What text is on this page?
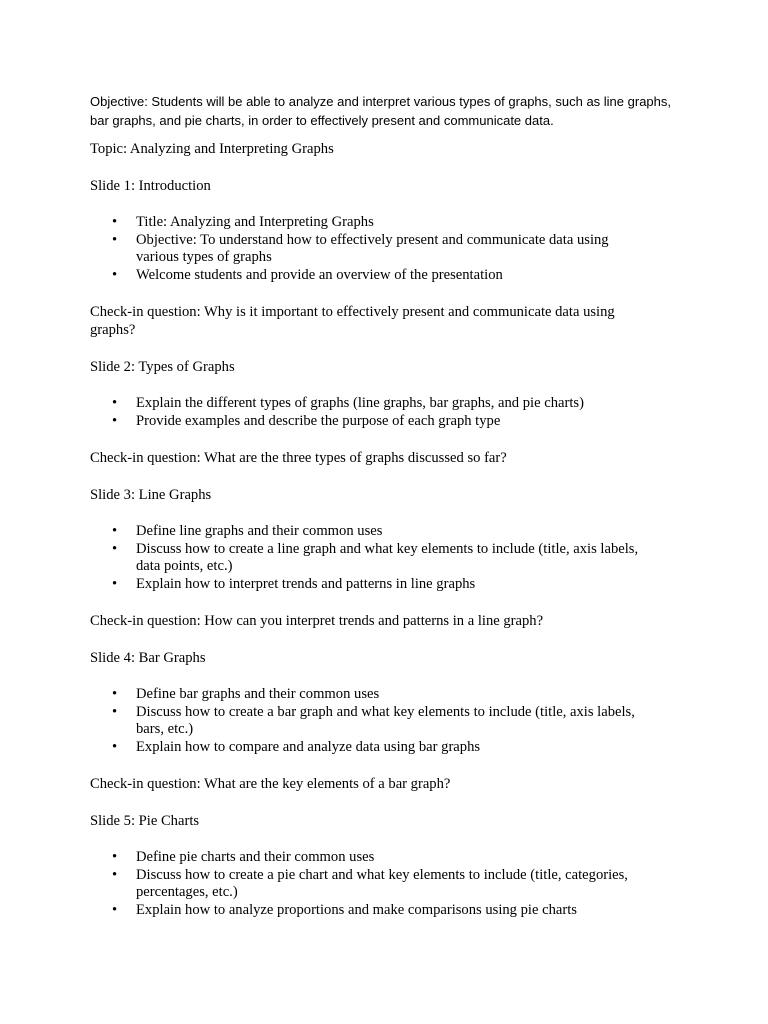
Objective: Students will be able to analyze and interpret various types of graphs, such as line graphs, bar graphs, and pie charts, in order to effectively present and communicate data.

Topic: Analyzing and Interpreting Graphs

Slide 1: Introduction

• Title: Analyzing and Interpreting Graphs
• Objective: To understand how to effectively present and communicate data using various types of graphs
• Welcome students and provide an overview of the presentation

Check-in question: Why is it important to effectively present and communicate data using graphs?

Slide 2: Types of Graphs

• Explain the different types of graphs (line graphs, bar graphs, and pie charts)
• Provide examples and describe the purpose of each graph type

Check-in question: What are the three types of graphs discussed so far?

Slide 3: Line Graphs

• Define line graphs and their common uses
• Discuss how to create a line graph and what key elements to include (title, axis labels, data points, etc.)
• Explain how to interpret trends and patterns in line graphs

Check-in question: How can you interpret trends and patterns in a line graph?

Slide 4: Bar Graphs

• Define bar graphs and their common uses
• Discuss how to create a bar graph and what key elements to include (title, axis labels, bars, etc.)
• Explain how to compare and analyze data using bar graphs

Check-in question: What are the key elements of a bar graph?

Slide 5: Pie Charts

• Define pie charts and their common uses
• Discuss how to create a pie chart and what key elements to include (title, categories, percentages, etc.)
• Explain how to analyze proportions and make comparisons using pie charts
